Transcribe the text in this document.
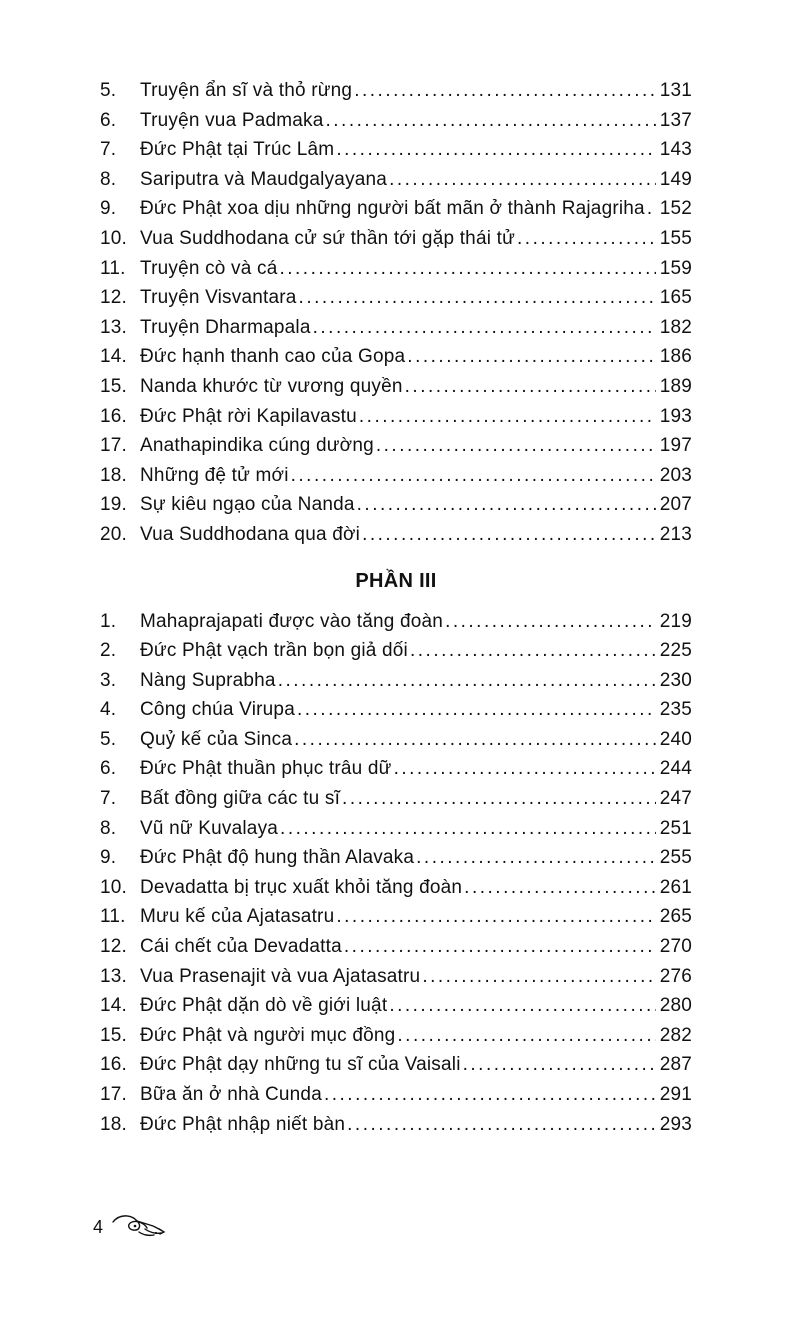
5.	Truyện ẩn sĩ và thỏ rừng .....	131
6.	Truyện vua Padmaka .....	137
7.	Đức Phật tại Trúc Lâm .....	143
8.	Sariputra và Maudgalyayana .....	149
9.	Đức Phật xoa dịu những người bất mãn ở thành Rajagriha ..... 152
10. Vua Suddhodana cử sứ thần tới gặp thái tử .....	155
11. Truyện cò và cá .....	159
12. Truyện Visvantara .....	165
13. Truyện Dharmapala .....	182
14. Đức hạnh thanh cao của Gopa .....	186
15. Nanda khước từ vương quyền .....	189
16. Đức Phật rời Kapilavastu .....	193
17. Anathapindika cúng dường .....	197
18. Những đệ tử mới .....	203
19. Sự kiêu ngạo của Nanda .....	207
20. Vua Suddhodana qua đời .....	213
PHẦN III
1.	Mahaprajapati được vào tăng đoàn .....	219
2.	Đức Phật vạch trần bọn giả dối .....	225
3.	Nàng Suprabha .....	230
4.	Công chúa Virupa .....	235
5.	Quỷ kế của Sinca .....	240
6.	Đức Phật thuần phục trâu dữ .....	244
7.	Bất đồng giữa các tu sĩ .....	247
8.	Vũ nữ Kuvalaya .....	251
9.	Đức Phật độ hung thần Alavaka .....	255
10. Devadatta bị trục xuất khỏi tăng đoàn .....	261
11. Mưu kế của Ajatasatru .....	265
12. Cái chết của Devadatta .....	270
13. Vua Prasenajit và vua Ajatasatru .....	276
14. Đức Phật dặn dò về giới luật .....	280
15. Đức Phật và người mục đồng .....	282
16. Đức Phật dạy những tu sĩ của Vaisali .....	287
17. Bữa ăn ở nhà Cunda .....	291
18. Đức Phật nhập niết bàn .....	293
4
